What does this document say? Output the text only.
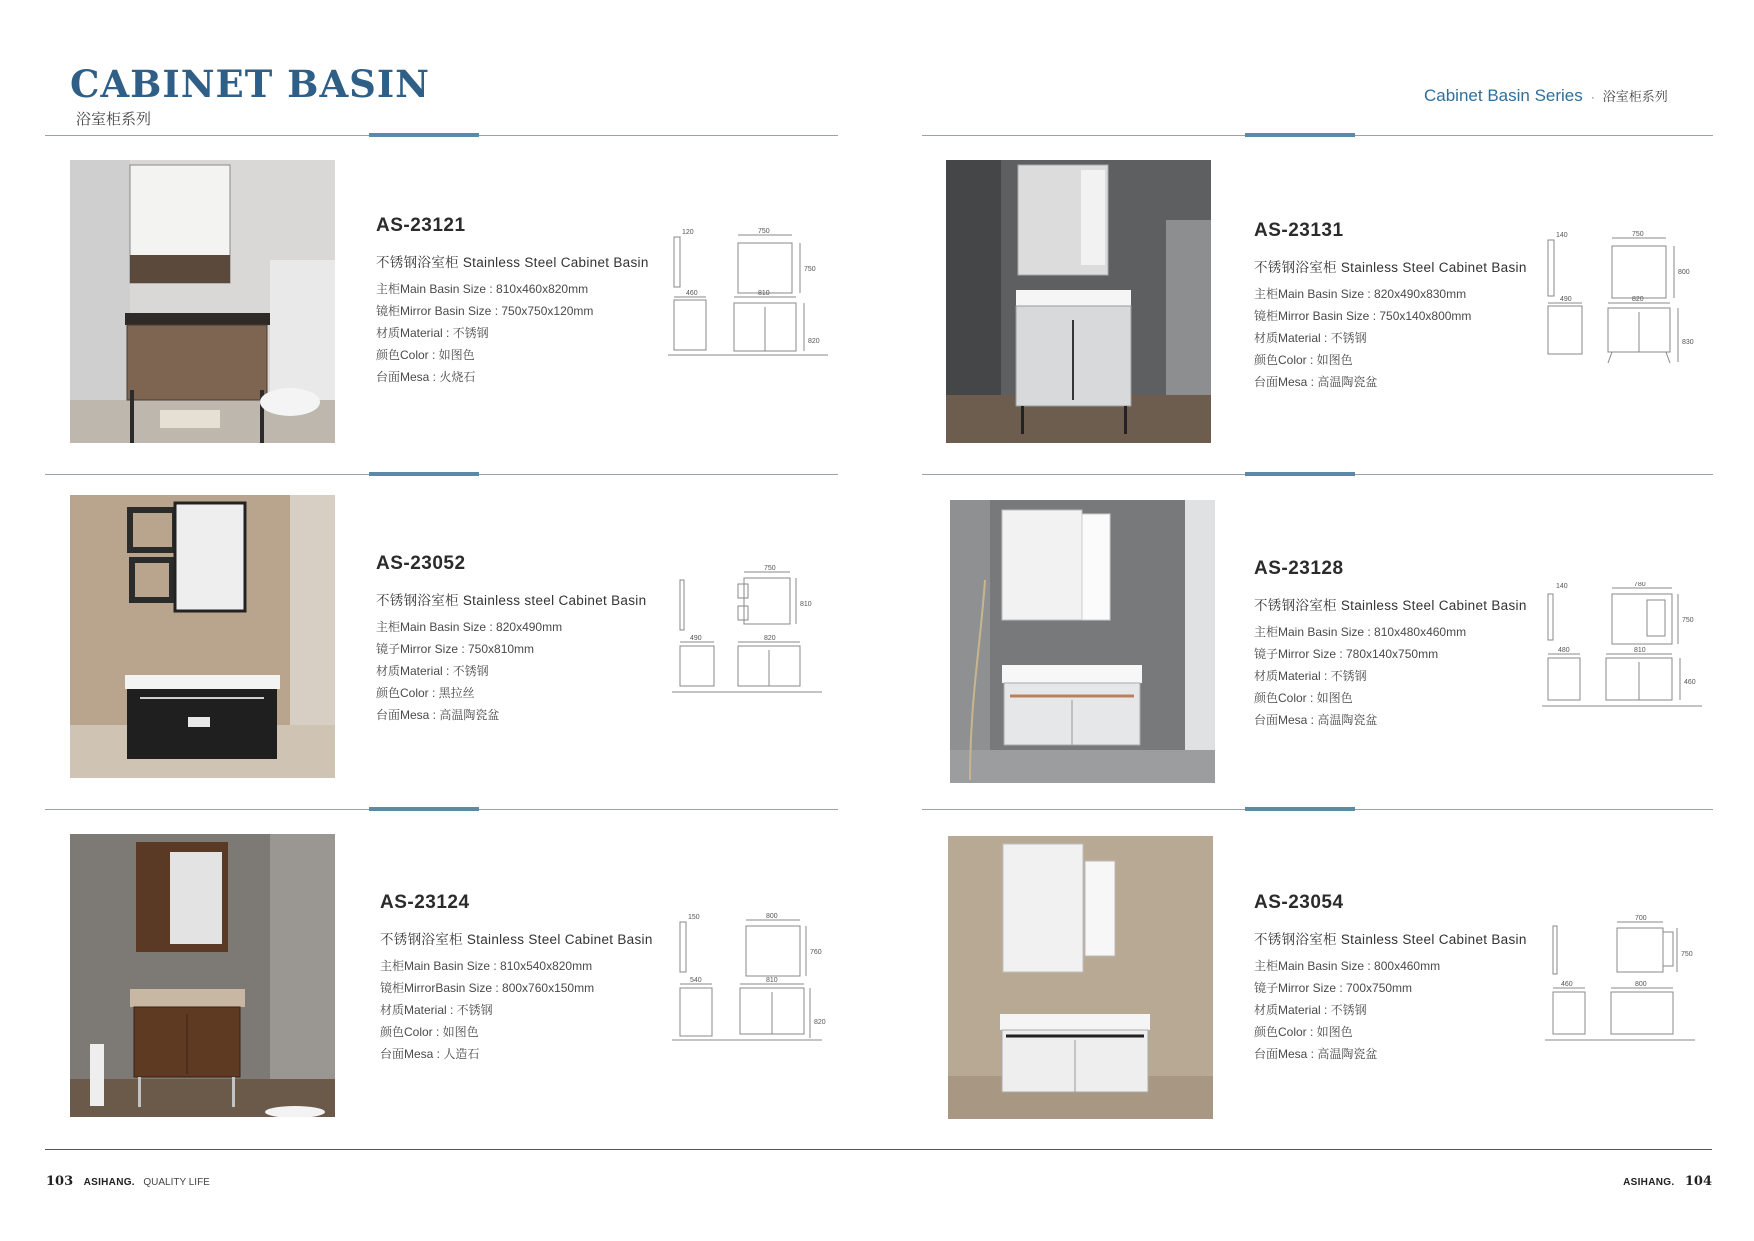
CABINET BASIN
浴室柜系列
Cabinet Basin Series · 浴室柜系列
AS-23121
不锈钢浴室柜 Stainless Steel Cabinet Basin
主柜Main Basin Size : 810x460x820mm
镜柜Mirror Basin Size : 750x750x120mm
材质Material : 不锈钢
颜色Color : 如图色
台面Mesa : 火烧石
120	750
750
460	810
820
AS-23131
不锈钢浴室柜 Stainless Steel Cabinet Basin
主柜Main Basin Size : 820x490x830mm
镜柜Mirror Basin Size : 750x140x800mm
材质Material : 不锈钢
颜色Color : 如图色
台面Mesa : 高温陶瓷盆
140	750
800
490	820
830
AS-23052
不锈钢浴室柜 Stainless steel Cabinet Basin
主柜Main Basin Size : 820x490mm
镜子Mirror Size : 750x810mm
材质Material : 不锈钢
颜色Color : 黑拉丝
台面Mesa : 高温陶瓷盆
750
810
490	820
AS-23128
不锈钢浴室柜 Stainless Steel Cabinet Basin
主柜Main Basin Size : 810x480x460mm
镜子Mirror Size : 780x140x750mm
材质Material : 不锈钢
颜色Color : 如图色
台面Mesa : 高温陶瓷盆
140	780
750
480	810
460
AS-23124
不锈钢浴室柜 Stainless Steel Cabinet Basin
主柜Main Basin Size : 810x540x820mm
镜柜MirrorBasin Size : 800x760x150mm
材质Material : 不锈钢
颜色Color : 如图色
台面Mesa : 人造石
150	800
760
540	810
820
AS-23054
不锈钢浴室柜 Stainless Steel Cabinet Basin
主柜Main Basin Size : 800x460mm
镜子Mirror Size : 700x750mm
材质Material : 不锈钢
颜色Color : 如图色
台面Mesa : 高温陶瓷盆
700
750
460	800
103 ASIHANG. QUALITY LIFE	ASIHANG. 104
